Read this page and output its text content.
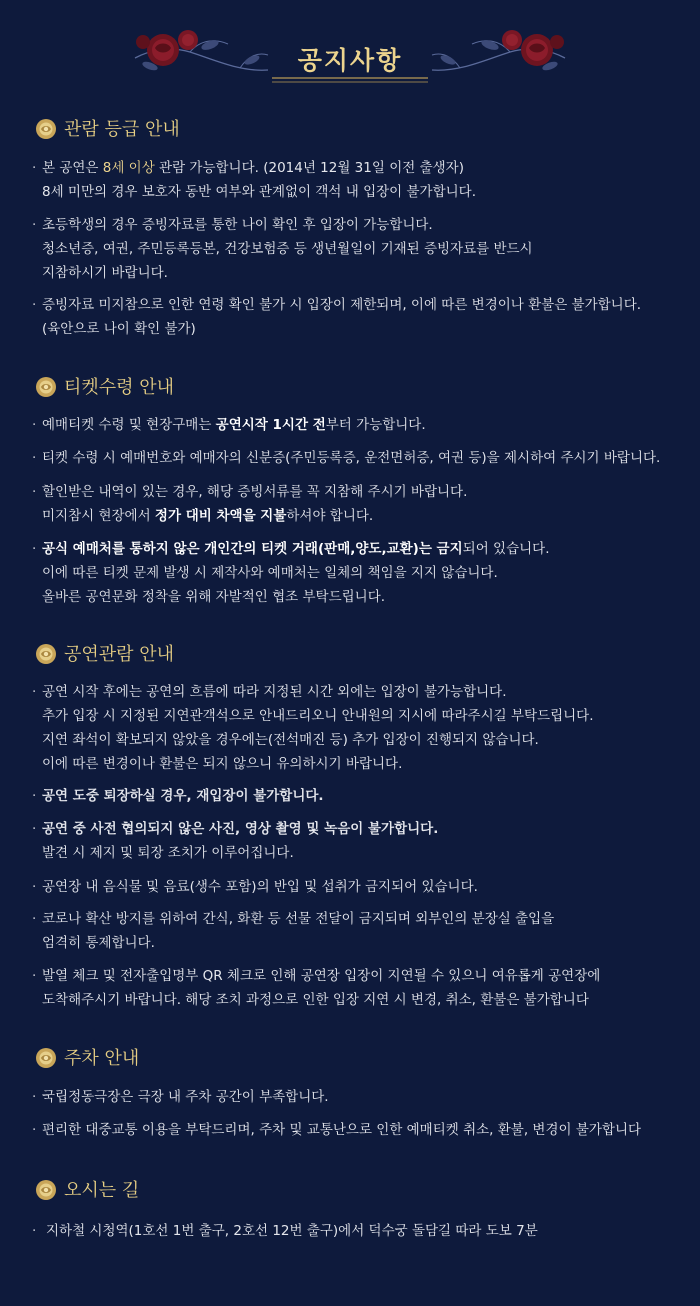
공지사항
관람 등급 안내
· 본 공연은 8세 이상 관람 가능합니다. (2014년 12월 31일 이전 출생자)
8세 미만의 경우 보호자 동반 여부와 관계없이 객석 내 입장이 불가합니다.
· 초등학생의 경우 증빙자료를 통한 나이 확인 후 입장이 가능합니다.
청소년증, 여권, 주민등록등본, 건강보험증 등 생년월일이 기재된 증빙자료를 반드시
지참하시기 바랍니다.
· 증빙자료 미지참으로 인한 연령 확인 불가 시 입장이 제한되며, 이에 따른 변경이나 환불은 불가합니다.
(육안으로 나이 확인 불가)
티켓수령 안내
· 예매티켓 수령 및 현장구매는 공연시작 1시간 전부터 가능합니다.
· 티켓 수령 시 예매번호와 예매자의 신분증(주민등록증, 운전면허증, 여권 등)을 제시하여 주시기 바랍니다.
· 할인받은 내역이 있는 경우, 해당 증빙서류를 꼭 지참해 주시기 바랍니다.
미지참시 현장에서 정가 대비 차액을 지불하셔야 합니다.
· 공식 예매처를 통하지 않은 개인간의 티켓 거래(판매,양도,교환)는 금지되어 있습니다.
이에 따른 티켓 문제 발생 시 제작사와 예매처는 일체의 책임을 지지 않습니다.
올바른 공연문화 정착을 위해 자발적인 협조 부탁드립니다.
공연관람 안내
· 공연 시작 후에는 공연의 흐름에 따라 지정된 시간 외에는 입장이 불가능합니다.
추가 입장 시 지정된 지연관객석으로 안내드리오니 안내원의 지시에 따라주시길 부탁드립니다.
지연 좌석이 확보되지 않았을 경우에는(전석매진 등) 추가 입장이 진행되지 않습니다.
이에 따른 변경이나 환불은 되지 않으니 유의하시기 바랍니다.
· 공연 도중 퇴장하실 경우, 재입장이 불가합니다.
· 공연 중 사전 협의되지 않은 사진, 영상 촬영 및 녹음이 불가합니다.
발견 시 제지 및 퇴장 조치가 이루어집니다.
· 공연장 내 음식물 및 음료(생수 포함)의 반입 및 섭취가 금지되어 있습니다.
· 코로나 확산 방지를 위하여 간식, 화환 등 선물 전달이 금지되며 외부인의 분장실 출입을
엄격히 통제합니다.
· 발열 체크 및 전자출입명부 QR 체크로 인해 공연장 입장이 지연될 수 있으니 여유롭게 공연장에
도착해주시기 바랍니다. 해당 조치 과정으로 인한 입장 지연 시 변경, 취소, 환불은 불가합니다
주차 안내
· 국립정동극장은 극장 내 주차 공간이 부족합니다.
· 편리한 대중교통 이용을 부탁드리며, 주차 및 교통난으로 인한 예매티켓 취소, 환불, 변경이 불가합니다
오시는 길
· 지하철 시청역(1호선 1번 출구, 2호선 12번 출구)에서 덕수궁 돌담길 따라 도보 7분
